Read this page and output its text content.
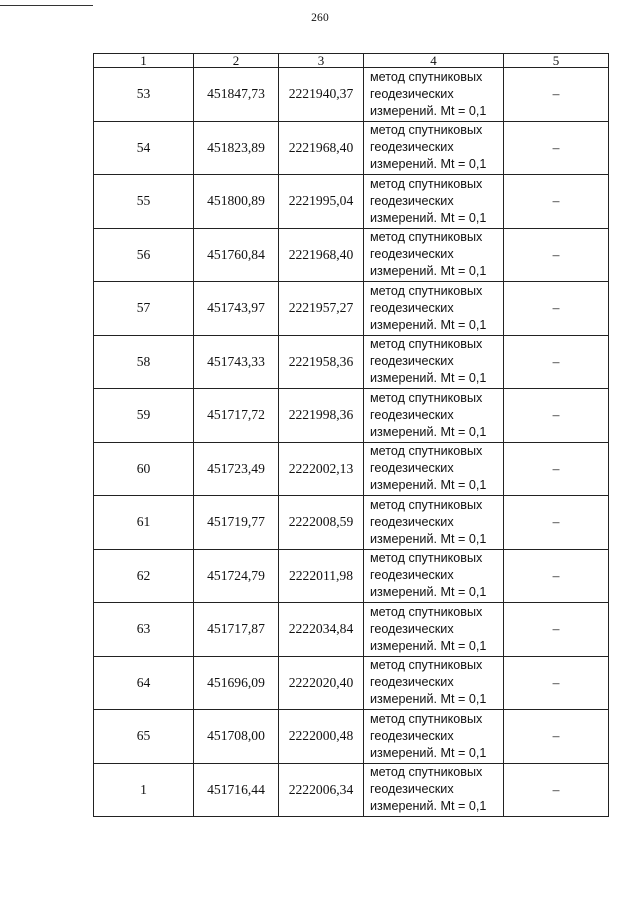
260
1	2	3	4	5
53	451847,73	2221940,37	метод спутниковых
геодезических
измерений. Mt = 0,1	–
54	451823,89	2221968,40	метод спутниковых
геодезических
измерений. Mt = 0,1	–
55	451800,89	2221995,04	метод спутниковых
геодезических
измерений. Mt = 0,1	–
56	451760,84	2221968,40	метод спутниковых
геодезических
измерений. Mt = 0,1	–
57	451743,97	2221957,27	метод спутниковых
геодезических
измерений. Mt = 0,1	–
58	451743,33	2221958,36	метод спутниковых
геодезических
измерений. Mt = 0,1	–
59	451717,72	2221998,36	метод спутниковых
геодезических
измерений. Mt = 0,1	–
60	451723,49	2222002,13	метод спутниковых
геодезических
измерений. Mt = 0,1	–
61	451719,77	2222008,59	метод спутниковых
геодезических
измерений. Mt = 0,1	–
62	451724,79	2222011,98	метод спутниковых
геодезических
измерений. Mt = 0,1	–
63	451717,87	2222034,84	метод спутниковых
геодезических
измерений. Mt = 0,1	–
64	451696,09	2222020,40	метод спутниковых
геодезических
измерений. Mt = 0,1	–
65	451708,00	2222000,48	метод спутниковых
геодезических
измерений. Mt = 0,1	–
1	451716,44	2222006,34	метод спутниковых
геодезических
измерений. Mt = 0,1	–
